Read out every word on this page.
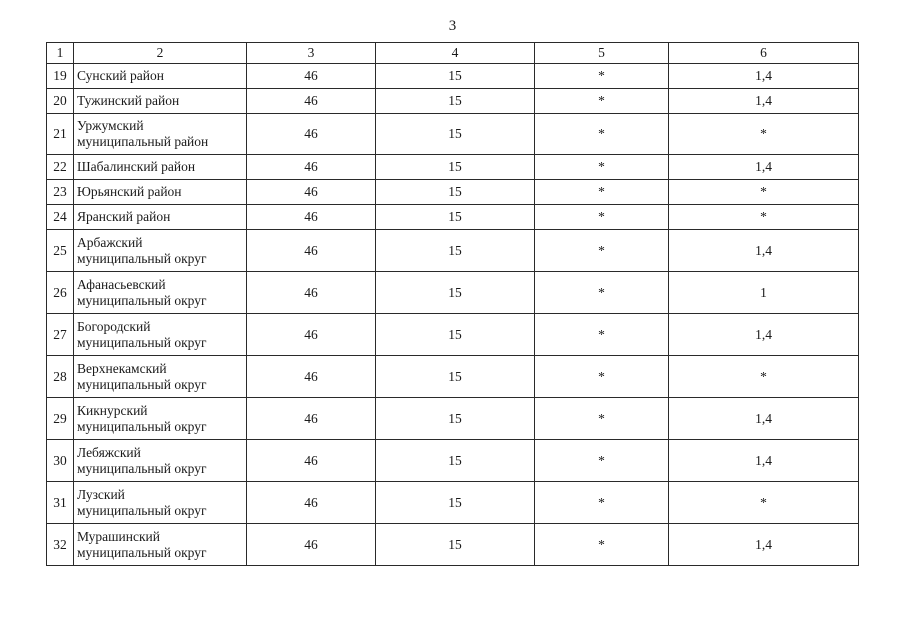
3
1	2	3	4	5	6
19	Сунский район	46	15	*	1,4
20	Тужинский район	46	15	*	1,4
21	Уржумский
муниципальный район	46	15	*	*
22	Шабалинский район	46	15	*	1,4
23	Юрьянский район	46	15	*	*
24	Яранский район	46	15	*	*
25	Арбажский
муниципальный округ	46	15	*	1,4
26	Афанасьевский
муниципальный округ	46	15	*	1
27	Богородский
муниципальный округ	46	15	*	1,4
28	Верхнекамский
муниципальный округ	46	15	*	*
29	Кикнурский
муниципальный округ	46	15	*	1,4
30	Лебяжский
муниципальный округ	46	15	*	1,4
31	Лузский
муниципальный округ	46	15	*	*
32	Мурашинский
муниципальный округ	46	15	*	1,4
